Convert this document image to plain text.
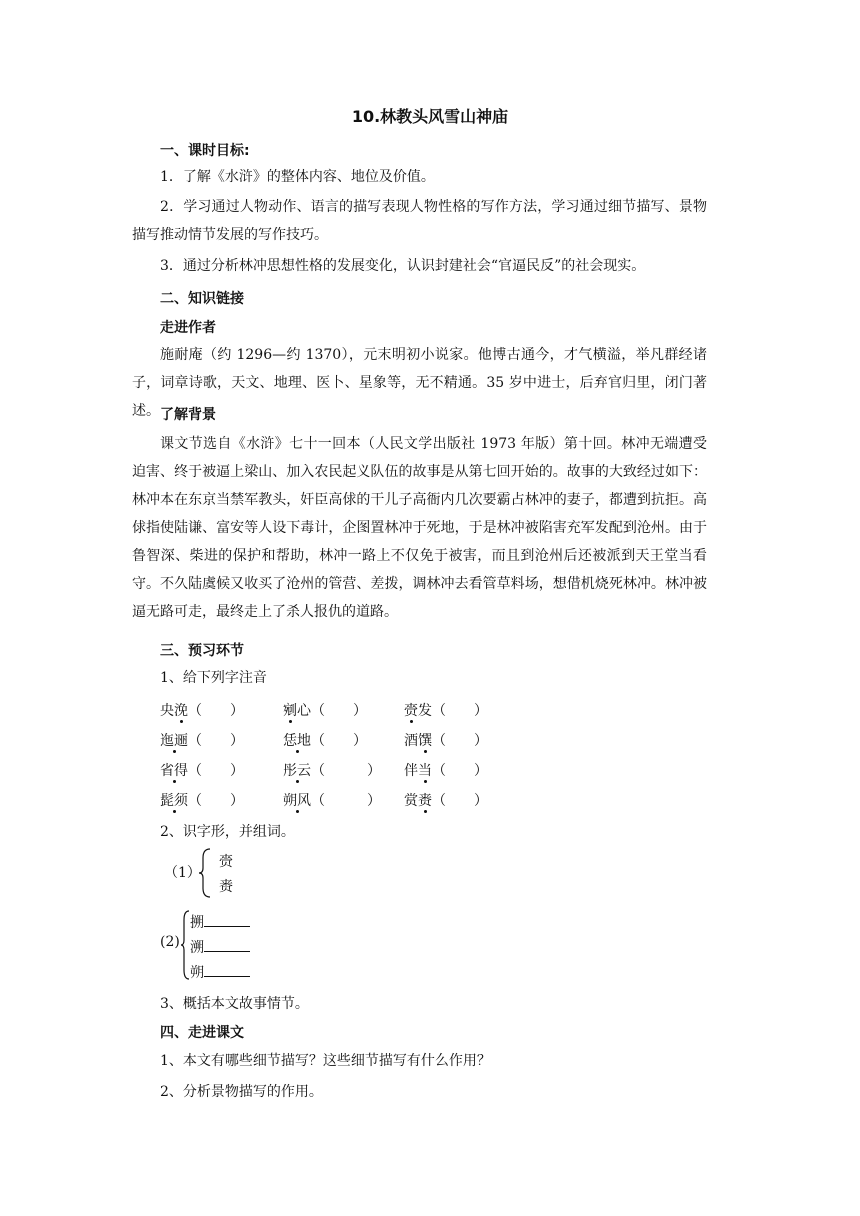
10.林教头风雪山神庙
一、课时目标:
1．了解《水浒》的整体内容、地位及价值。
2．学习通过人物动作、语言的描写表现人物性格的写作方法，学习通过细节描写、景物描写推动情节发展的写作技巧。
3．通过分析林冲思想性格的发展变化，认识封建社会“官逼民反”的社会现实。
二、知识链接
走进作者
施耐庵（约 1296—约 1370），元末明初小说家。他博古通今，才气横溢，举凡群经诸子，词章诗歌，天文、地理、医卜、星象等，无不精通。35 岁中进士，后弃官归里，闭门著述。 了解背景
课文节选自《水浒》七十一回本（人民文学出版社 1973 年版）第十回。林冲无端遭受迫害、终于被逼上梁山、加入农民起义队伍的故事是从第七回开始的。故事的大致经过如下：林冲本在东京当禁军教头，奸臣高俅的干儿子高衙内几次要霸占林冲的妻子，都遭到抗拒。高俅指使陆谦、富安等人设下毒计，企图置林冲于死地，于是林冲被陷害充军发配到沧州。由于鲁智深、柴进的保护和帮助，林冲一路上不仅免于被害，而且到沧州后还被派到天王堂当看守。不久陆虞候又收买了沧州的管营、差拨，调林冲去看管草料场，想借机烧死林冲。林冲被逼无路可走，最终走上了杀人报仇的道路。
三、预习环节
1、给下列字注音
央浼（　　）	剜心（　　）	赍发（　　）
迤逦（　　）	恁地（　　）	酒馔（　　）
省得（　　）	彤云（　　　） 伴当（　　）
髭须（　　）	朔风（　　　） 赏赉（　　）
2、识字形，并组词。
（1）
赍
赉
(2)
搠
溯
朔
3、概括本文故事情节。
四、走进课文
1、本文有哪些细节描写？这些细节描写有什么作用？
2、分析景物描写的作用。
